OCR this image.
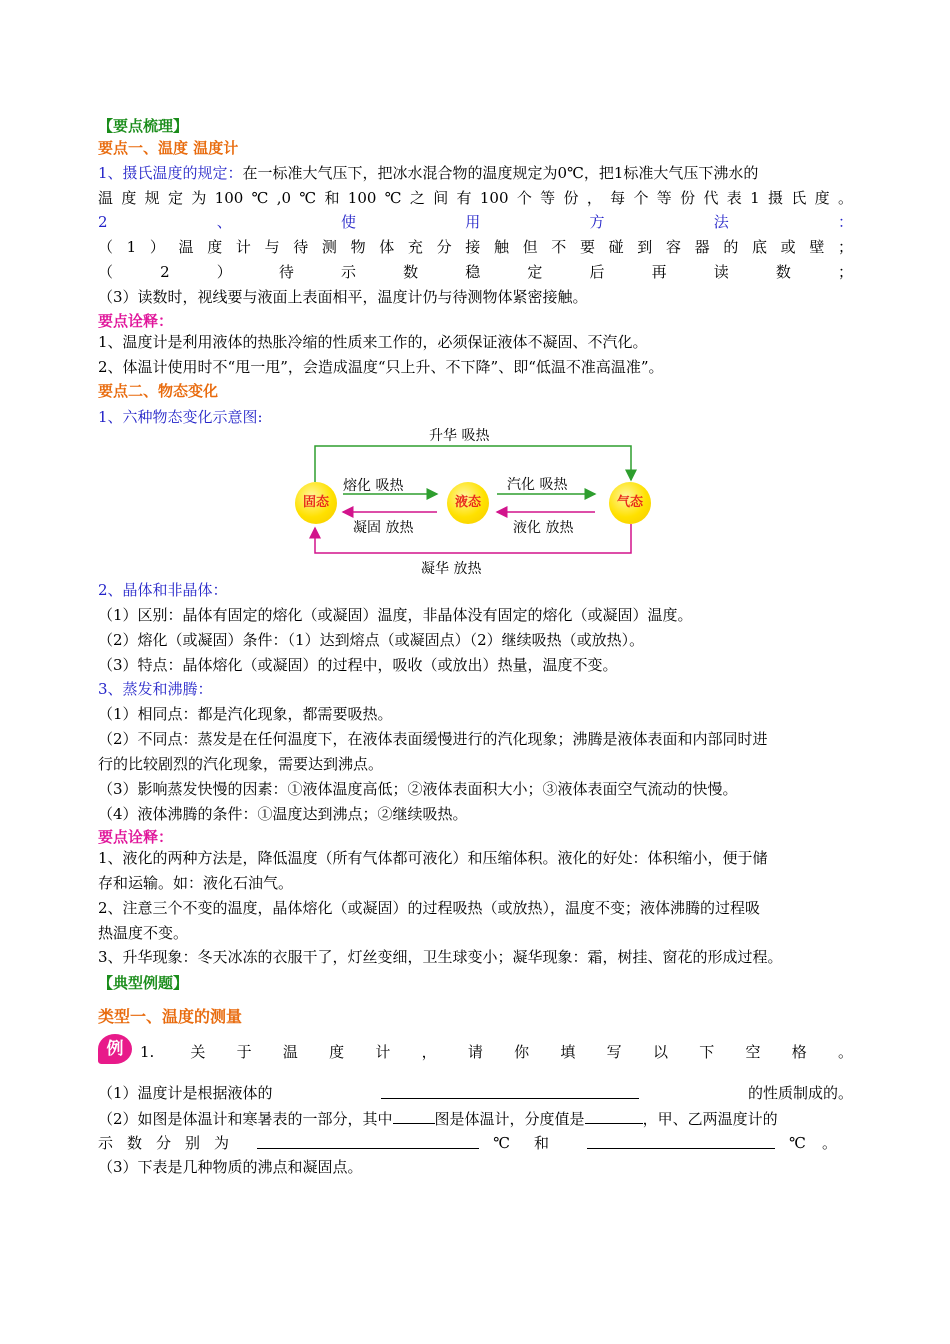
【要点梳理】
要点一、温度 温度计
1、摄氏温度的规定：在一标准大气压下，把冰水混合物的温度规定为0℃，把1标准大气压下沸水的
温度规定为100℃,0℃和100℃之间有100个等份，每个等份代表1摄氏度。
2、使用方法：
（1）温度计与待测物体充分接触但不要碰到容器的底或壁；
（2）待示数稳定后再读数；
（3）读数时，视线要与液面上表面相平，温度计仍与待测物体紧密接触。
要点诠释：
1、温度计是利用液体的热胀冷缩的性质来工作的，必须保证液体不凝固、不汽化。
2、体温计使用时不“甩一甩”，会造成温度“只上升、不下降”、即“低温不准高温准”。
要点二、物态变化
1、六种物态变化示意图:
固态	液态	气态
升华 吸热
熔化 吸热
凝固 放热
汽化 吸热
液化 放热
凝华 放热
2、晶体和非晶体：
（1）区别：晶体有固定的熔化（或凝固）温度，非晶体没有固定的熔化（或凝固）温度。
（2）熔化（或凝固）条件：（1）达到熔点（或凝固点）（2）继续吸热（或放热）。
（3）特点：晶体熔化（或凝固）的过程中，吸收（或放出）热量，温度不变。
3、蒸发和沸腾：
（1）相同点：都是汽化现象，都需要吸热。
（2）不同点：蒸发是在任何温度下，在液体表面缓慢进行的汽化现象；沸腾是液体表面和内部同时进
行的比较剧烈的汽化现象，需要达到沸点。
（3）影响蒸发快慢的因素：①液体温度高低；②液体表面积大小；③液体表面空气流动的快慢。
（4）液体沸腾的条件：①温度达到沸点；②继续吸热。
要点诠释：
1、液化的两种方法是，降低温度（所有气体都可液化）和压缩体积。液化的好处：体积缩小，便于储
存和运输。如：液化石油气。
2、注意三个不变的温度，晶体熔化（或凝固）的过程吸热（或放热），温度不变；液体沸腾的过程吸
热温度不变。
3、升华现象：冬天冰冻的衣服干了，灯丝变细，卫生球变小；凝华现象：霜，树挂、窗花的形成过程。
【典型例题】
类型一、温度的测量
例	1. 关于温度计，请你填写以下空格。
（1）温度计是根据液体的	的性质制成的。
（2）如图是体温计和寒暑表的一部分，其中	图是体温计，分度值是	，甲、乙两温度计的
示数分别为	℃和	℃。
（3）下表是几种物质的沸点和凝固点。
